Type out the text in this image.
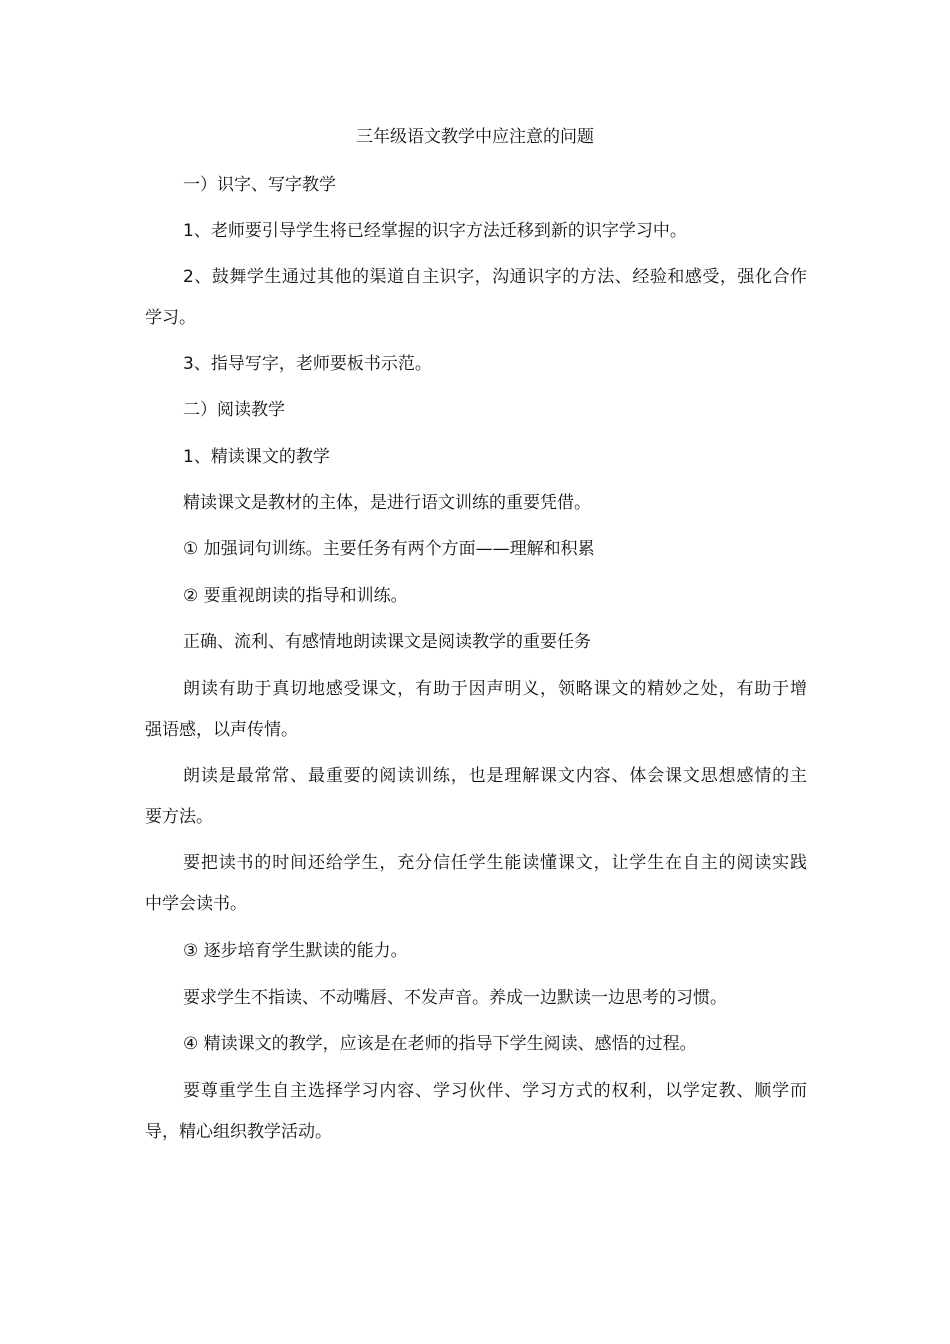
三年级语文教学中应注意的问题
一）识字、写字教学
1、老师要引导学生将已经掌握的识字方法迁移到新的识字学习中。
2、鼓舞学生通过其他的渠道自主识字，沟通识字的方法、经验和感受，强化合作
学习。
3、指导写字，老师要板书示范。
二）阅读教学
1、精读课文的教学
精读课文是教材的主体，是进行语文训练的重要凭借。
① 加强词句训练。主要任务有两个方面——理解和积累
② 要重视朗读的指导和训练。
正确、流利、有感情地朗读课文是阅读教学的重要任务
朗读有助于真切地感受课文，有助于因声明义，领略课文的精妙之处，有助于增
强语感，以声传情。
朗读是最常常、最重要的阅读训练，也是理解课文内容、体会课文思想感情的主
要方法。
要把读书的时间还给学生，充分信任学生能读懂课文，让学生在自主的阅读实践
中学会读书。
③ 逐步培育学生默读的能力。
要求学生不指读、不动嘴唇、不发声音。养成一边默读一边思考的习惯。
④ 精读课文的教学，应该是在老师的指导下学生阅读、感悟的过程。
要尊重学生自主选择学习内容、学习伙伴、学习方式的权利，以学定教、顺学而
导，精心组织教学活动。
